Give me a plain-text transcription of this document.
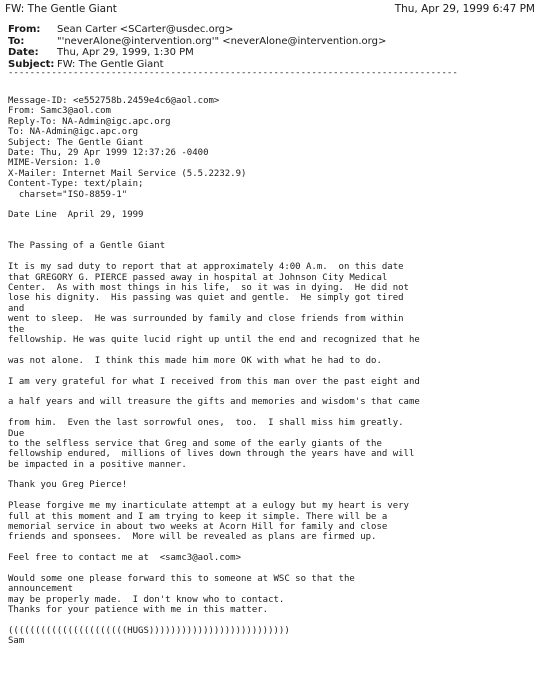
FW: The Gentle Giant	Thu, Apr 29, 1999 6:47 PM
From: Sean Carter <SCarter@usdec.org>
To:	"'neverAlone@intervention.org'" <neverAlone@intervention.org>
Date: Thu, Apr 29, 1999, 1:30 PM
Subject: FW: The Gentle Giant
-----------------------------------------------------------------------------------
Message-ID: <e552758b.2459e4c6@aol.com>
From: Samc3@aol.com
Reply-To: NA-Admin@igc.apc.org
To: NA-Admin@igc.apc.org
Subject: The Gentle Giant
Date: Thu, 29 Apr 1999 12:37:26 -0400
MIME-Version: 1.0
X-Mailer: Internet Mail Service (5.5.2232.9)
Content-Type: text/plain;
charset="ISO-8859-1"
Date Line  April 29, 1999
The Passing of a Gentle Giant
It is my sad duty to report that at approximately 4:00 A.m.  on this date
that GREGORY G. PIERCE passed away in hospital at Johnson City Medical
Center.  As with most things in his life,  so it was in dying.  He did not
lose his dignity.  His passing was quiet and gentle.  He simply got tired
and
went to sleep.  He was surrounded by family and close friends from within
the
fellowship. He was quite lucid right up until the end and recognized that he
was not alone.  I think this made him more OK with what he had to do.
I am very grateful for what I received from this man over the past eight and
a half years and will treasure the gifts and memories and wisdom's that came
from him.  Even the last sorrowful ones,  too.  I shall miss him greatly.
Due
to the selfless service that Greg and some of the early giants of the
fellowship endured,  millions of lives down through the years have and will
be impacted in a positive manner.
Thank you Greg Pierce!
Please forgive me my inarticulate attempt at a eulogy but my heart is very
full at this moment and I am trying to keep it simple. There will be a
memorial service in about two weeks at Acorn Hill for family and close
friends and sponsees.  More will be revealed as plans are firmed up.
Feel free to contact me at  <samc3@aol.com>
Would some one please forward this to someone at WSC so that the
announcement
may be properly made.  I don't know who to contact.
Thanks for your patience with me in this matter.
((((((((((((((((((((((HUGS))))))))))))))))))))))))))
Sam
